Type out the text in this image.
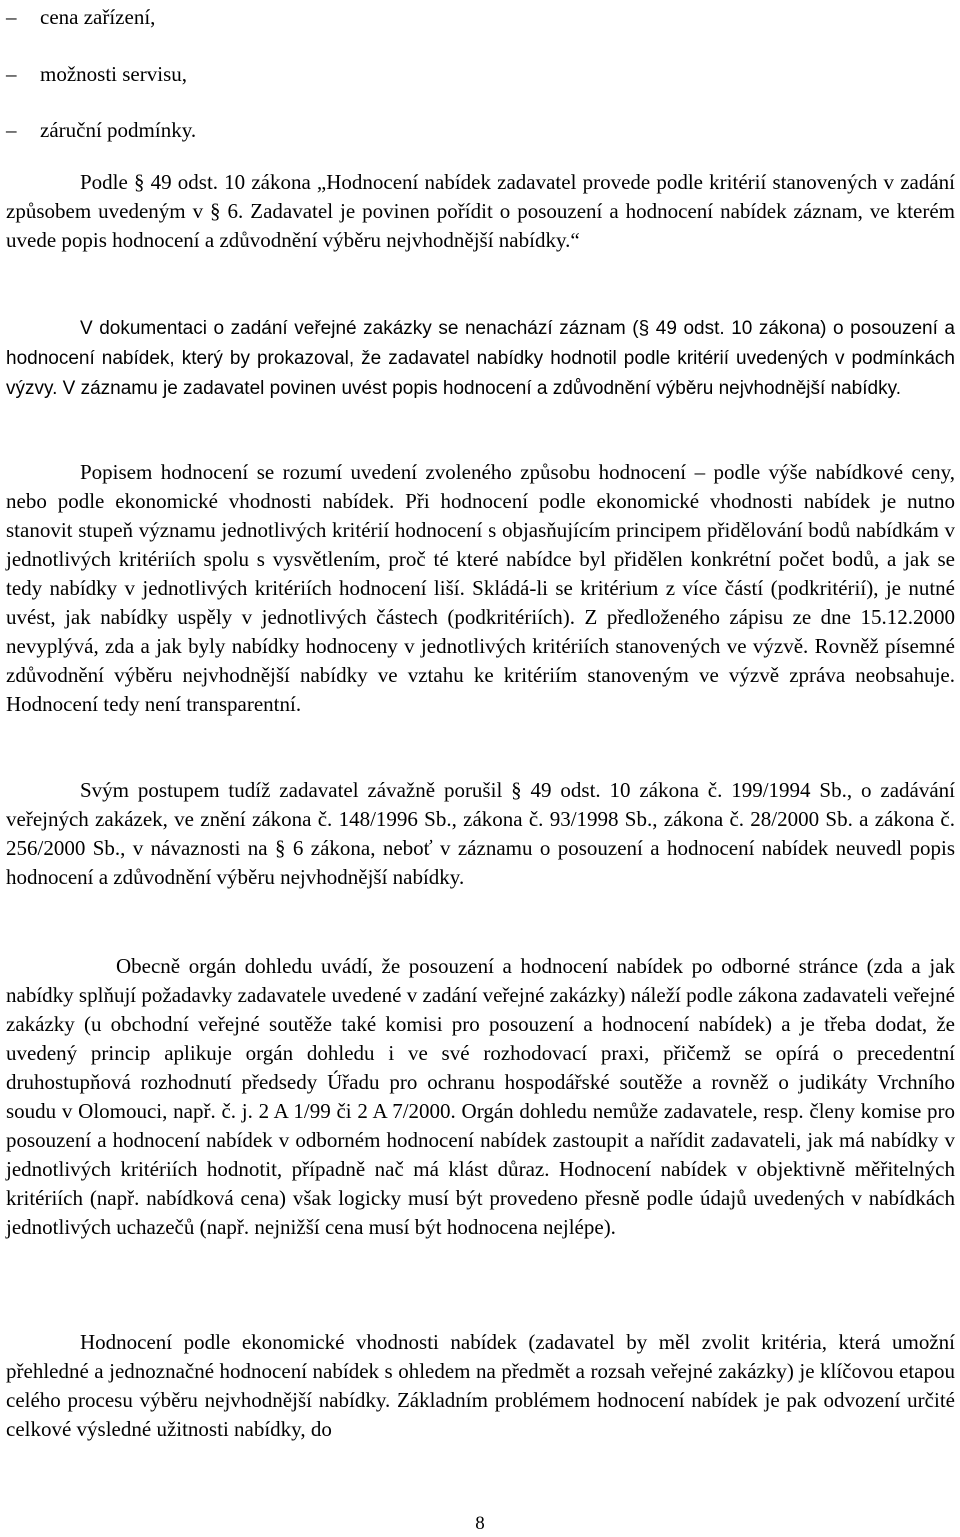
–	cena zařízení,
–	možnosti servisu,
–	záruční podmínky.

Podle § 49 odst. 10 zákona „Hodnocení nabídek zadavatel provede podle kritérií stanovených v zadání způsobem uvedeným v § 6. Zadavatel je povinen pořídit o posouzení a hodnocení nabídek záznam, ve kterém uvede popis hodnocení a zdůvodnění výběru nejvhodnější nabídky.“

V dokumentaci o zadání veřejné zakázky se nenachází záznam (§ 49 odst. 10 zákona) o posouzení a hodnocení nabídek, který by prokazoval, že zadavatel nabídky hodnotil podle kritérií uvedených v podmínkách výzvy. V záznamu je zadavatel povinen uvést popis hodnocení a zdůvodnění výběru nejvhodnější nabídky.

Popisem hodnocení se rozumí uvedení zvoleného způsobu hodnocení – podle výše nabídkové ceny, nebo podle ekonomické vhodnosti nabídek. Při hodnocení podle ekonomické vhodnosti nabídek je nutno stanovit stupeň významu jednotlivých kritérií hodnocení s objasňujícím principem přidělování bodů nabídkám v jednotlivých kritériích spolu s vysvětlením, proč té které nabídce byl přidělen konkrétní počet bodů, a jak se tedy nabídky v jednotlivých kritériích hodnocení liší. Skládá-li se kritérium z více částí (podkritérií), je nutné uvést, jak nabídky uspěly v jednotlivých částech (podkritériích). Z předloženého zápisu ze dne 15.12.2000 nevyplývá, zda a jak byly nabídky hodnoceny v jednotlivých kritériích stanovených ve výzvě. Rovněž písemné zdůvodnění výběru nejvhodnější nabídky ve vztahu ke kritériím stanoveným ve výzvě zpráva neobsahuje. Hodnocení tedy není transparentní.

Svým postupem tudíž zadavatel závažně porušil § 49 odst. 10 zákona č. 199/1994 Sb., o zadávání veřejných zakázek, ve znění zákona č. 148/1996 Sb., zákona č. 93/1998 Sb., zákona č. 28/2000 Sb. a zákona č. 256/2000 Sb., v návaznosti na § 6 zákona, neboť v záznamu o posouzení a hodnocení nabídek neuvedl popis hodnocení a zdůvodnění výběru nejvhodnější nabídky.

Obecně orgán dohledu uvádí, že posouzení a hodnocení nabídek po odborné stránce (zda a jak nabídky splňují požadavky zadavatele uvedené v zadání veřejné zakázky) náleží podle zákona zadavateli veřejné zakázky (u obchodní veřejné soutěže také komisi pro posouzení a hodnocení nabídek) a je třeba dodat, že uvedený princip aplikuje orgán dohledu i ve své rozhodovací praxi, přičemž se opírá o precedentní druhostupňová rozhodnutí předsedy Úřadu pro ochranu hospodářské soutěže a rovněž o judikáty Vrchního soudu v Olomouci, např. č. j. 2 A 1/99 či 2 A 7/2000. Orgán dohledu nemůže zadavatele, resp. členy komise pro posouzení a hodnocení nabídek v odborném hodnocení nabídek zastoupit a nařídit zadavateli, jak má nabídky v jednotlivých kritériích hodnotit, případně nač má klást důraz. Hodnocení nabídek v objektivně měřitelných kritériích (např. nabídková cena) však logicky musí být provedeno přesně podle údajů uvedených v nabídkách jednotlivých uchazečů (např. nejnižší cena musí být hodnocena nejlépe).

Hodnocení podle ekonomické vhodnosti nabídek (zadavatel by měl zvolit kritéria, která umožní přehledné a jednoznačné hodnocení nabídek s ohledem na předmět a rozsah veřejné zakázky) je klíčovou etapou celého procesu výběru nejvhodnější nabídky. Základním problémem hodnocení nabídek je pak odvození určité celkové výsledné užitnosti nabídky, do

8
